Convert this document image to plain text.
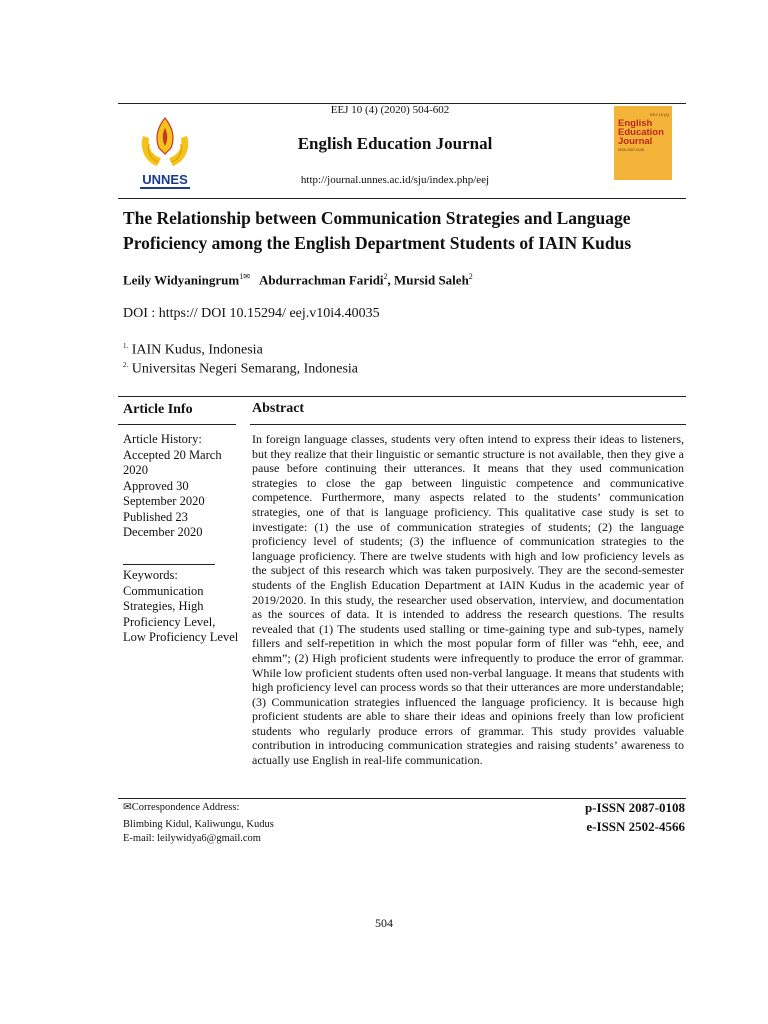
EEJ 10 (4) (2020) 504-602
English Education Journal
http://journal.unnes.ac.id/sju/index.php/eej
UNNES
EEJ 10 (4)
English
Education
Journal
ISSN 2087-0108
The Relationship between Communication Strategies and Language Proficiency among the English Department Students of IAIN Kudus
Leily Widyaningrum$^{1✉}$ Abdurrachman Faridi$^2$, Mursid Saleh$^2$
DOI : https:// DOI 10.15294/ eej.v10i4.40035
$^{1.}$ IAIN Kudus, Indonesia
$^{2.}$ Universitas Negeri Semarang, Indonesia
Article Info	Abstract
Article History:
Accepted 20 March 2020
Approved 30 September 2020
Published 23 December 2020
Keywords:
Communication Strategies, High Proficiency Level, Low Proficiency Level
In foreign language classes, students very often intend to express their ideas to listeners, but they realize that their linguistic or semantic structure is not available, then they give a pause before continuing their utterances. It means that they used communication strategies to close the gap between linguistic competence and communicative competence. Furthermore, many aspects related to the students’ communication strategies, one of that is language proficiency. This qualitative case study is set to investigate: (1) the use of communication strategies of students; (2) the language proficiency level of students; (3) the influence of communication strategies to the language proficiency. There are twelve students with high and low proficiency levels as the subject of this research which was taken purposively. They are the second-semester students of the English Education Department at IAIN Kudus in the academic year of 2019/2020. In this study, the researcher used observation, interview, and documentation as the sources of data. It is intended to address the research questions. The results revealed that (1) The students used stalling or time-gaining type and sub-types, namely fillers and self-repetition in which the most popular form of filler was “ehh, eee, and ehmm”; (2) High proficient students were infrequently to produce the error of grammar. While low proficient students often used non-verbal language. It means that students with high proficiency level can process words so that their utterances are more understandable; (3) Communication strategies influenced the language proficiency. It is because high proficient students are able to share their ideas and opinions freely than low proficient students who regularly produce errors of grammar. This study provides valuable contribution in introducing communication strategies and raising students’ awareness to actually use English in real-life communication.
✉Correspondence Address:
Blimbing Kidul, Kaliwungu, Kudus
E-mail: leilywidya6@gmail.com
p-ISSN 2087-0108
e-ISSN 2502-4566
504
